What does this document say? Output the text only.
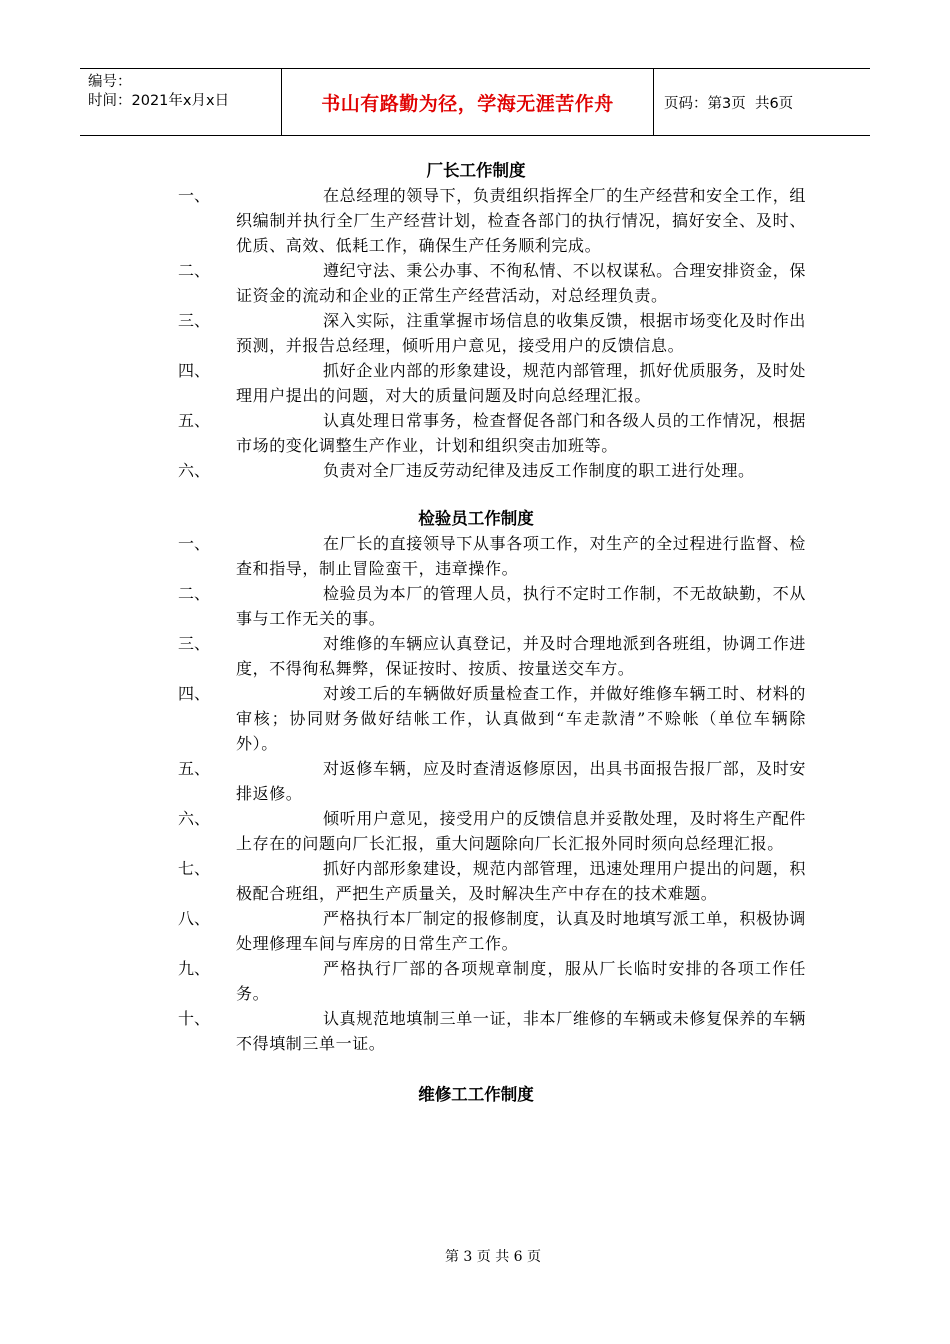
编号：
时间：2021年x月x日	书山有路勤为径，学海无涯苦作舟	页码：第3页  共6页
厂长工作制度
一、	在总经理的领导下，负责组织指挥全厂的生产经营和安全工作，组织编制并执行全厂生产经营计划，检查各部门的执行情况，搞好安全、及时、优质、高效、低耗工作，确保生产任务顺利完成。
二、	遵纪守法、秉公办事、不徇私情、不以权谋私。合理安排资金，保证资金的流动和企业的正常生产经营活动，对总经理负责。
三、	深入实际，注重掌握市场信息的收集反馈，根据市场变化及时作出预测，并报告总经理，倾听用户意见，接受用户的反馈信息。
四、	抓好企业内部的形象建设，规范内部管理，抓好优质服务，及时处理用户提出的问题，对大的质量问题及时向总经理汇报。
五、	认真处理日常事务，检查督促各部门和各级人员的工作情况，根据市场的变化调整生产作业，计划和组织突击加班等。
六、	负责对全厂违反劳动纪律及违反工作制度的职工进行处理。
检验员工作制度
一、	在厂长的直接领导下从事各项工作，对生产的全过程进行监督、检查和指导，制止冒险蛮干，违章操作。
二、	检验员为本厂的管理人员，执行不定时工作制，不无故缺勤，不从事与工作无关的事。
三、	对维修的车辆应认真登记，并及时合理地派到各班组，协调工作进度，不得徇私舞弊，保证按时、按质、按量送交车方。
四、	对竣工后的车辆做好质量检查工作，并做好维修车辆工时、材料的审核；协同财务做好结帐工作，认真做到“车走款清”不赊帐（单位车辆除外）。
五、	对返修车辆，应及时查清返修原因，出具书面报告报厂部，及时安排返修。
六、	倾听用户意见，接受用户的反馈信息并妥散处理，及时将生产配件上存在的问题向厂长汇报，重大问题除向厂长汇报外同时须向总经理汇报。
七、	抓好内部形象建设，规范内部管理，迅速处理用户提出的问题，积极配合班组，严把生产质量关，及时解决生产中存在的技术难题。
八、	严格执行本厂制定的报修制度，认真及时地填写派工单，积极协调处理修理车间与库房的日常生产工作。
九、	严格执行厂部的各项规章制度，服从厂长临时安排的各项工作任务。
十、	认真规范地填制三单一证，非本厂维修的车辆或未修复保养的车辆不得填制三单一证。
维修工工作制度
第 3 页 共 6 页
